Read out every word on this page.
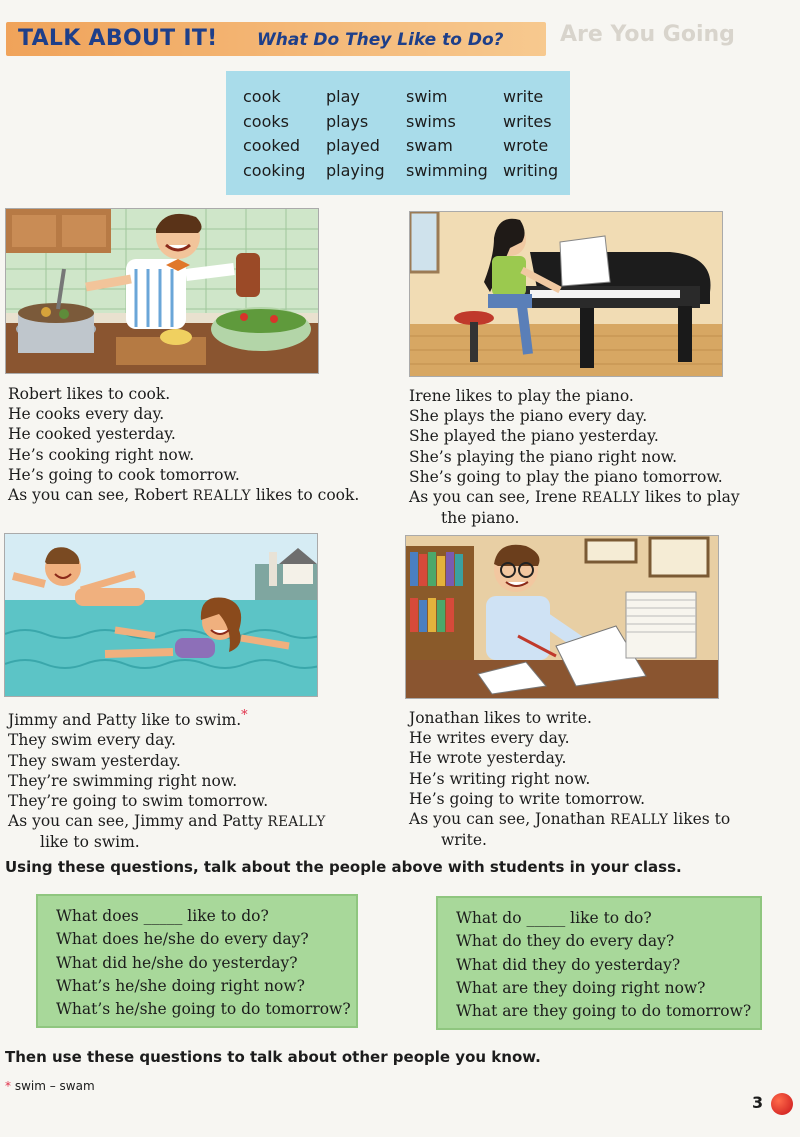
TALK ABOUT IT! What Do They Like to Do?	Are You Going
cook
cooks
cooked
cooking
play
plays
played
playing
swim
swims
swam
swimming
write
writes
wrote
writing
Robert likes to cook.
He cooks every day.
He cooked yesterday.
He’s cooking right now.
He’s going to cook tomorrow.
As you can see, Robert REALLY likes to cook.
Irene likes to play the piano.
She plays the piano every day.
She played the piano yesterday.
She’s playing the piano right now.
She’s going to play the piano tomorrow.
As you can see, Irene REALLY likes to play
the piano.
Jimmy and Patty like to swim.*
They swim every day.
They swam yesterday.
They’re swimming right now.
They’re going to swim tomorrow.
As you can see, Jimmy and Patty REALLY
like to swim.
Jonathan likes to write.
He writes every day.
He wrote yesterday.
He’s writing right now.
He’s going to write tomorrow.
As you can see, Jonathan REALLY likes to
write.
Using these questions, talk about the people above with students in your class.
What does _____ like to do?
What does he/she do every day?
What did he/she do yesterday?
What’s he/she doing right now?
What’s he/she going to do tomorrow?
What do _____ like to do?
What do they do every day?
What did they do yesterday?
What are they doing right now?
What are they going to do tomorrow?
Then use these questions to talk about other people you know.
* swim – swam
3
